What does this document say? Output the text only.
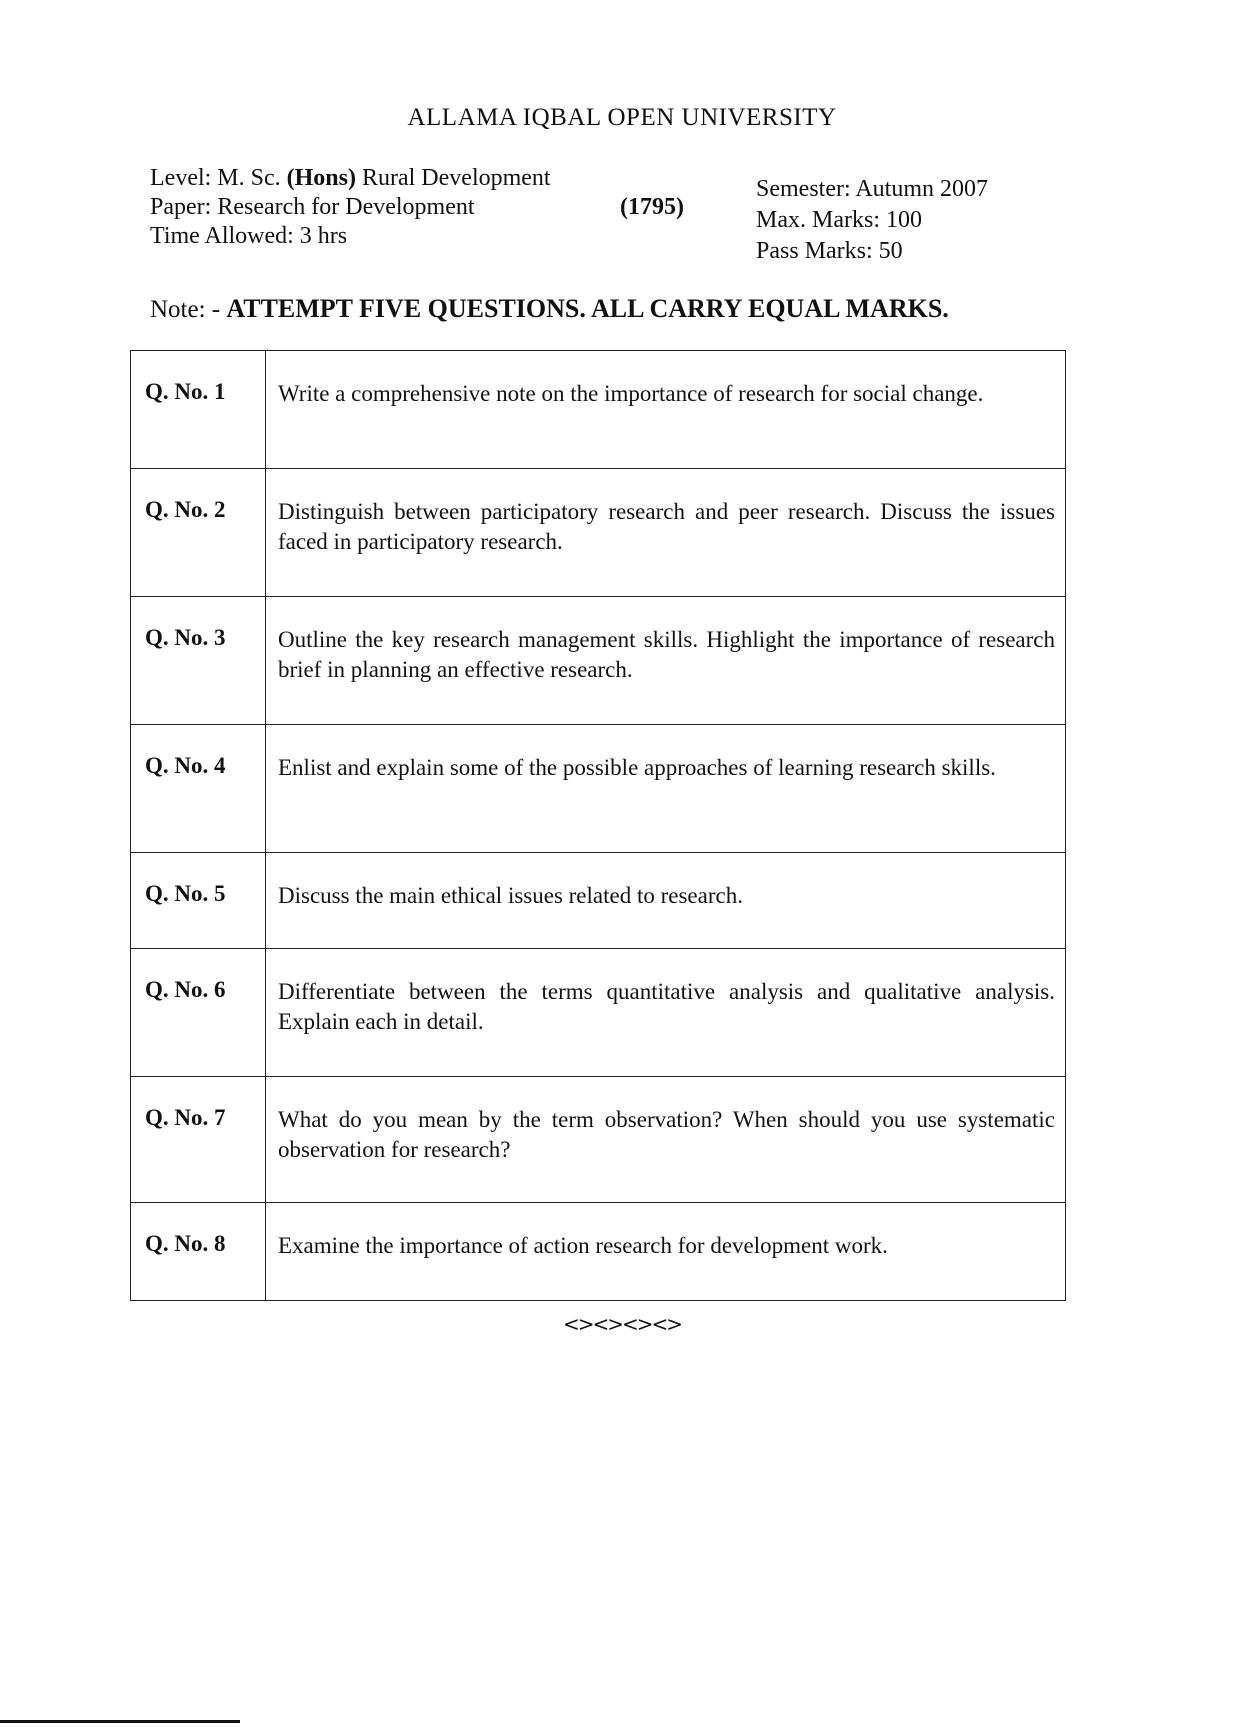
ALLAMA IQBAL OPEN UNIVERSITY
Level: M. Sc. (Hons) Rural Development
Paper: Research for Development	(1795)
Time Allowed: 3 hrs
Semester: Autumn 2007
Max. Marks: 100
Pass Marks: 50
Note: - ATTEMPT FIVE QUESTIONS. ALL CARRY EQUAL MARKS.
Q. No. 1	Write a comprehensive note on the importance of research for social change.
Q. No. 2	Distinguish between participatory research and peer research. Discuss the issues faced in participatory research.
Q. No. 3	Outline the key research management skills. Highlight the importance of research brief in planning an effective research.
Q. No. 4	Enlist and explain some of the possible approaches of learning research skills.
Q. No. 5	Discuss the main ethical issues related to research.
Q. No. 6	Differentiate between the terms quantitative analysis and qualitative analysis. Explain each in detail.
Q. No. 7	What do you mean by the term observation? When should you use systematic observation for research?
Q. No. 8	Examine the importance of action research for development work.
<><><><>
